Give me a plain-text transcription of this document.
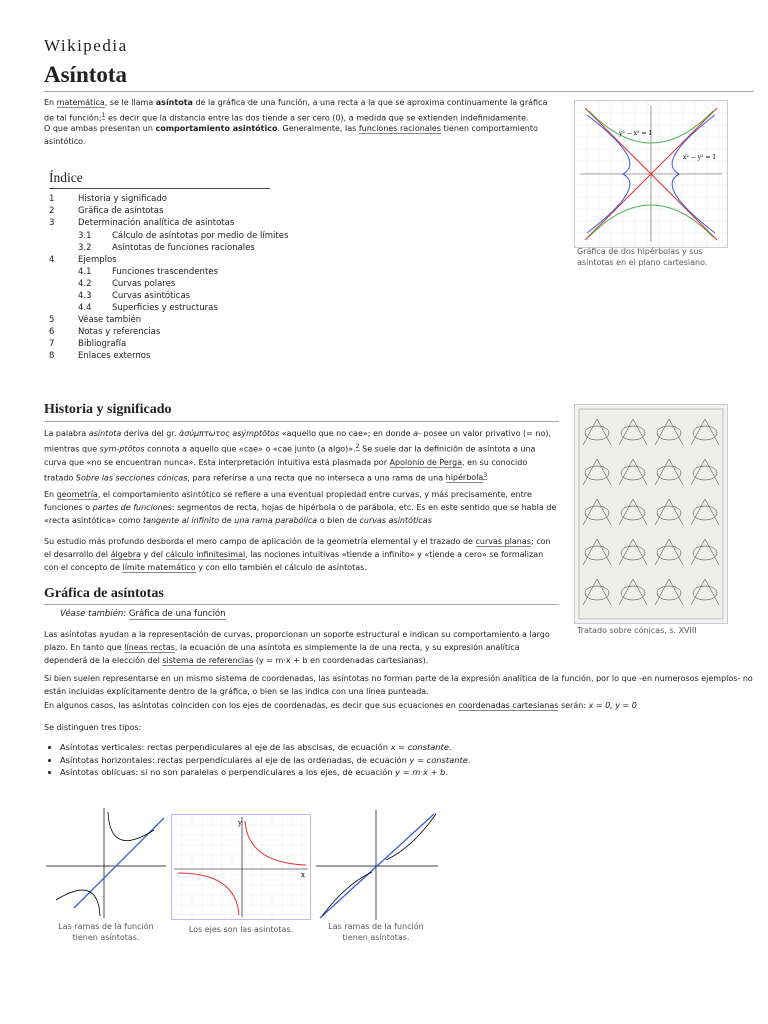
Wikipedia
Asíntota

En matemática, se le llama asíntota de la gráfica de una función, a una recta a la que se aproxima continuamente la gráfica de tal función;$^1$ es decir que la distancia entre las dos tiende a ser cero (0), a medida que se extienden indefinidamente.

O que ambas presentan un comportamiento asintótico. Generalmente, las funciones racionales tienen comportamiento asintótico.

y² − x² = 1
x² − y² = 1
Gráfica de dos hipérbolas y sus asíntotas en el plano cartesiano.
Índice
1	Historia y significado
2	Gráfica de asíntotas
3	Determinación analítica de asíntotas
3.1 Cálculo de asíntotas por medio de límites
3.2 Asíntotas de funciones racionales
4	Ejemplos
4.1 Funciones trascendentes
4.2 Curvas polares
4.3 Curvas asintóticas
4.4 Superficies y estructuras
5	Véase también
6	Notas y referencias
7	Bibliografía
8	Enlaces externos
Historia y significado

La palabra asíntota deriva del gr. ἀσύμπτωτος asýmptōtos «aquello que no cae»; en donde a- posee un valor privativo (= no), mientras que sym-ptōtos connota a aquello que «cae» o «cae junto (a algo)».$^2$ Se suele dar la definición de asíntota a una curva que «no se encuentran nunca». Esta interpretación intuitiva está plasmada por Apolonio de Perga, en su conocido tratado Sobre las secciones cónicas, para referirse a una recta que no interseca a una rama de una hipérbola$^3$

En geometría, el comportamiento asintótico se refiere a una eventual propiedad entre curvas, y más precisamente, entre funciones o partes de funciones: segmentos de recta, hojas de hipérbola o de parábola, etc. Es en este sentido que se habla de «recta asintótica» como tangente al infinito de una rama parabólica o bien de curvas asintóticas

Su estudio más profundo desborda el mero campo de aplicación de la geometría elemental y el trazado de curvas planas; con el desarrollo del álgebra y del cálculo infinitesimal, las nociones intuitivas «tiende a infinito» y «tiende a cero» se formalizan con el concepto de límite matemático y con ello también el cálculo de asíntotas.

Tratado sobre cónicas, s. XVIII
Gráfica de asíntotas
Véase también: Gráfica de una función

Las asíntotas ayudan a la representación de curvas, proporcionan un soporte estructural e indican su comportamiento a largo plazo. En tanto que líneas rectas, la ecuación de una asíntota es simplemente la de una recta, y su expresión analítica dependerá de la elección del sistema de referencias (y = m·x + b en coordenadas cartesianas).

Si bien suelen representarse en un mismo sistema de coordenadas, las asíntotas no forman parte de la expresión analítica de la función, por lo que -en numerosos ejemplos- no están incluidas explícitamente dentro de la gráfica, o bien se las indica con una línea punteada.

En algunos casos, las asíntotas coinciden con los ejes de coordenadas, es decir que sus ecuaciones en coordenadas cartesianas serán: x = 0, y = 0

Se distinguen tres tipos:

• Asíntotas verticales: rectas perpendiculares al eje de las abscisas, de ecuación x = constante.
• Asíntotas horizontales: rectas perpendiculares al eje de las ordenadas, de ecuación y = constante.
• Asíntotas oblicuas: si no son paralelas o perpendiculares a los ejes, de ecuación y = m·x + b.
Las ramas de la función tienen asíntotas.
y
x
Los ejes son las asíntotas.	Las ramas de la función tienen asíntotas.
